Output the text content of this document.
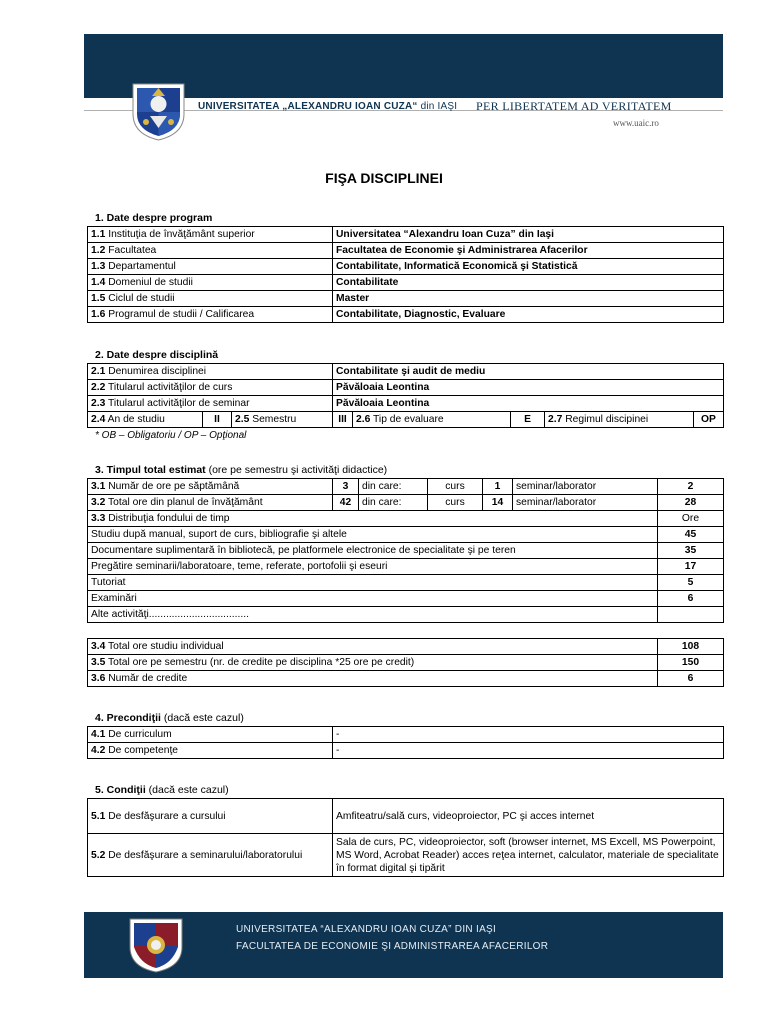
UNIVERSITATEA „ALEXANDRU IOAN CUZA“ din IAŞI PER LIBERTATEM AD VERITATEM
www.uaic.ro
FIŞA DISCIPLINEI
1. Date despre program
1.1 Instituţia de învăţământ superior	Universitatea “Alexandru Ioan Cuza” din Iaşi
1.2 Facultatea	Facultatea de Economie şi Administrarea Afacerilor
1.3 Departamentul	Contabilitate, Informatică Economică şi Statistică
1.4 Domeniul de studii	Contabilitate
1.5 Ciclul de studii	Master
1.6 Programul de studii / Calificarea	Contabilitate, Diagnostic, Evaluare
2. Date despre disciplină
2.1 Denumirea disciplinei	Contabilitate şi audit de mediu
2.2 Titularul activităţilor de curs	Păvăloaia Leontina
2.3 Titularul activităţilor de seminar	Păvăloaia Leontina
2.4 An de studiu	II	2.5 Semestru	III	2.6 Tip de evaluare	E	2.7 Regimul discipinei	OP
* OB – Obligatoriu / OP – Opţional
3. Timpul total estimat (ore pe semestru şi activităţi didactice)
3.1 Număr de ore pe săptămână	3	din care:	curs	1	seminar/laborator	2
3.2 Total ore din planul de învăţământ	42	din care:	curs	14	seminar/laborator	28
3.3 Distribuţia fondului de timp						Ore
Studiu după manual, suport de curs, bibliografie şi altele						45
Documentare suplimentară în bibliotecă, pe platformele electronice de specialitate şi pe teren						35
Pregătire seminarii/laboratoare, teme, referate, portofolii şi eseuri						17
Tutoriat						5
Examinări						6
Alte activităţi...................................						
3.4 Total ore studiu individual	108
3.5 Total ore pe semestru (nr. de credite pe disciplina *25 ore pe credit)	150
3.6 Număr de credite	6
4. Precondiţii (dacă este cazul)
4.1 De curriculum	-
4.2 De competenţe	-
5. Condiţii (dacă este cazul)
5.1 De desfăşurare a cursului	Amfiteatru/sală curs, videoproiector, PC şi acces internet
5.2 De desfăşurare a seminarului/laboratorului	Sala de curs, PC, videoproiector, soft (browser internet, MS Excell, MS Powerpoint, MS Word, Acrobat Reader) acces reţea internet, calculator, materiale de specialitate în format digital şi tipărit
UNIVERSITATEA “ALEXANDRU IOAN CUZA” DIN IAŞI
FACULTATEA DE ECONOMIE ŞI ADMINISTRAREA AFACERILOR
